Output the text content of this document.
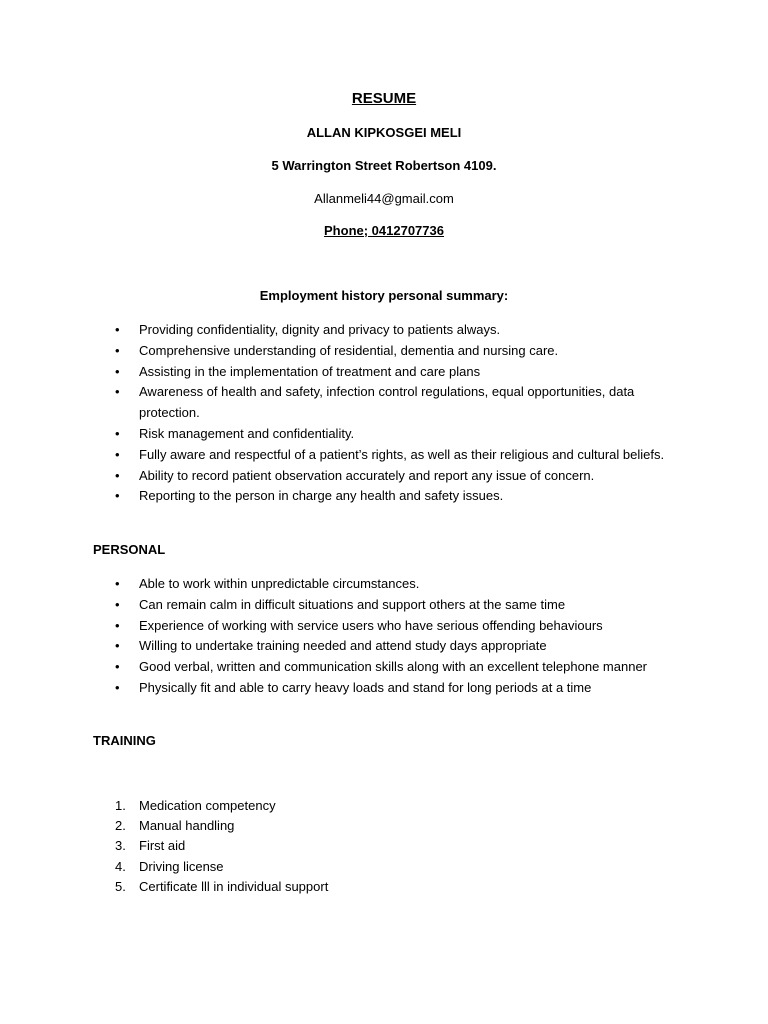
RESUME
ALLAN KIPKOSGEI MELI
5 Warrington Street Robertson 4109.
Allanmeli44@gmail.com
Phone; 0412707736
Employment history personal summary:
• Providing confidentiality, dignity and privacy to patients always.
• Comprehensive understanding of residential, dementia and nursing care.
• Assisting in the implementation of treatment and care plans
• Awareness of health and safety, infection control regulations, equal opportunities, data protection.
• Risk management and confidentiality.
• Fully aware and respectful of a patient’s rights, as well as their religious and cultural beliefs.
• Ability to record patient observation accurately and report any issue of concern.
• Reporting to the person in charge any health and safety issues.
PERSONAL
• Able to work within unpredictable circumstances.
• Can remain calm in difficult situations and support others at the same time
• Experience of working with service users who have serious offending behaviours
• Willing to undertake training needed and attend study days appropriate
• Good verbal, written and communication skills along with an excellent telephone manner
• Physically fit and able to carry heavy loads and stand for long periods at a time
TRAINING
1. Medication competency
2. Manual handling
3. First aid
4. Driving license
5. Certificate lll in individual support
